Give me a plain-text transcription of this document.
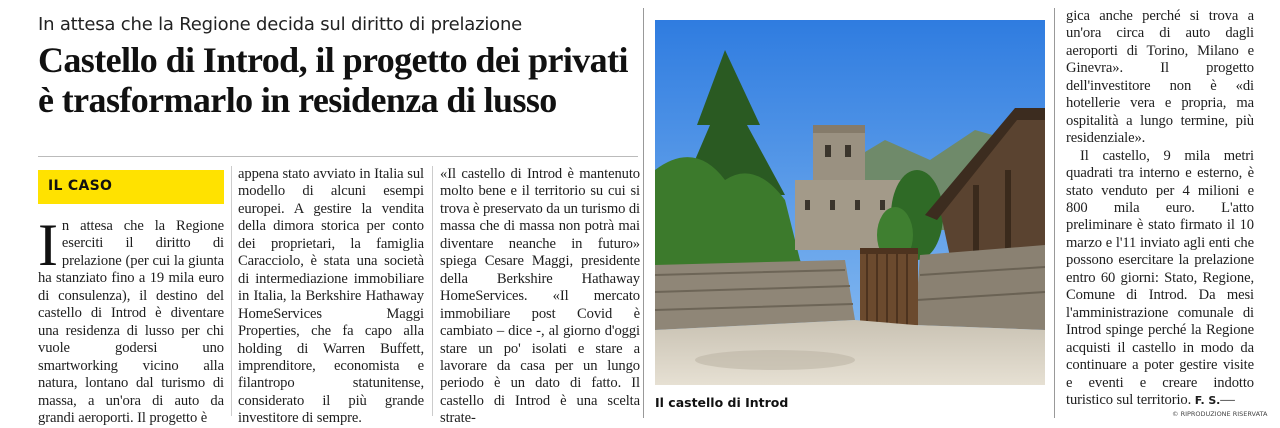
In attesa che la Regione decida sul diritto di prelazione
Castello di Introd, il progetto dei privati
è trasformarlo in residenza di lusso
IL CASO

In attesa che la Regione eserciti il diritto di prelazione (per cui la giunta ha stanziato fino a 19 mila euro di consulenza), il destino del castello di Introd è diventare una residenza di lusso per chi vuole godersi uno smartworking vicino alla natura, lontano dal turismo di massa, a un'ora di auto da grandi aeroporti. Il progetto è

appena stato avviato in Italia sul modello di alcuni esempi europei. A gestire la vendita della dimora storica per conto dei proprietari, la famiglia Caracciolo, è stata una società di intermediazione immobiliare in Italia, la Berkshire Hathaway HomeServices Maggi Properties, che fa capo alla holding di Warren Buffett, imprenditore, economista e filantropo statunitense, considerato il più grande investitore di sempre.

«Il castello di Introd è mantenuto molto bene e il territorio su cui si trova è preservato da un turismo di massa che di massa non potrà mai diventare neanche in futuro» spiega Cesare Maggi, presidente della Berkshire Hathaway HomeServices. «Il mercato immobiliare post Covid è cambiato – dice -, al giorno d'oggi stare un po' isolati e stare a lavorare da casa per un lungo periodo è un dato di fatto. Il castello di Introd è una scelta strate-

Il castello di Introd

gica anche perché si trova a un'ora circa di auto dagli aeroporti di Torino, Milano e Ginevra». Il progetto dell'investitore non è «di hotellerie vera e propria, ma ospitalità a lungo termine, più residenziale».

Il castello, 9 mila metri quadrati tra interno e esterno, è stato venduto per 4 milioni e 800 mila euro. L'atto preliminare è stato firmato il 10 marzo e l'11 inviato agli enti che possono esercitare la prelazione entro 60 giorni: Stato, Regione, Comune di Introd. Da mesi l'amministrazione comunale di Introd spinge perché la Regione acquisti il castello in modo da continuare a poter gestire visite e eventi e creare indotto turistico sul territorio. F. S.—

© RIPRODUZIONE RISERVATA
